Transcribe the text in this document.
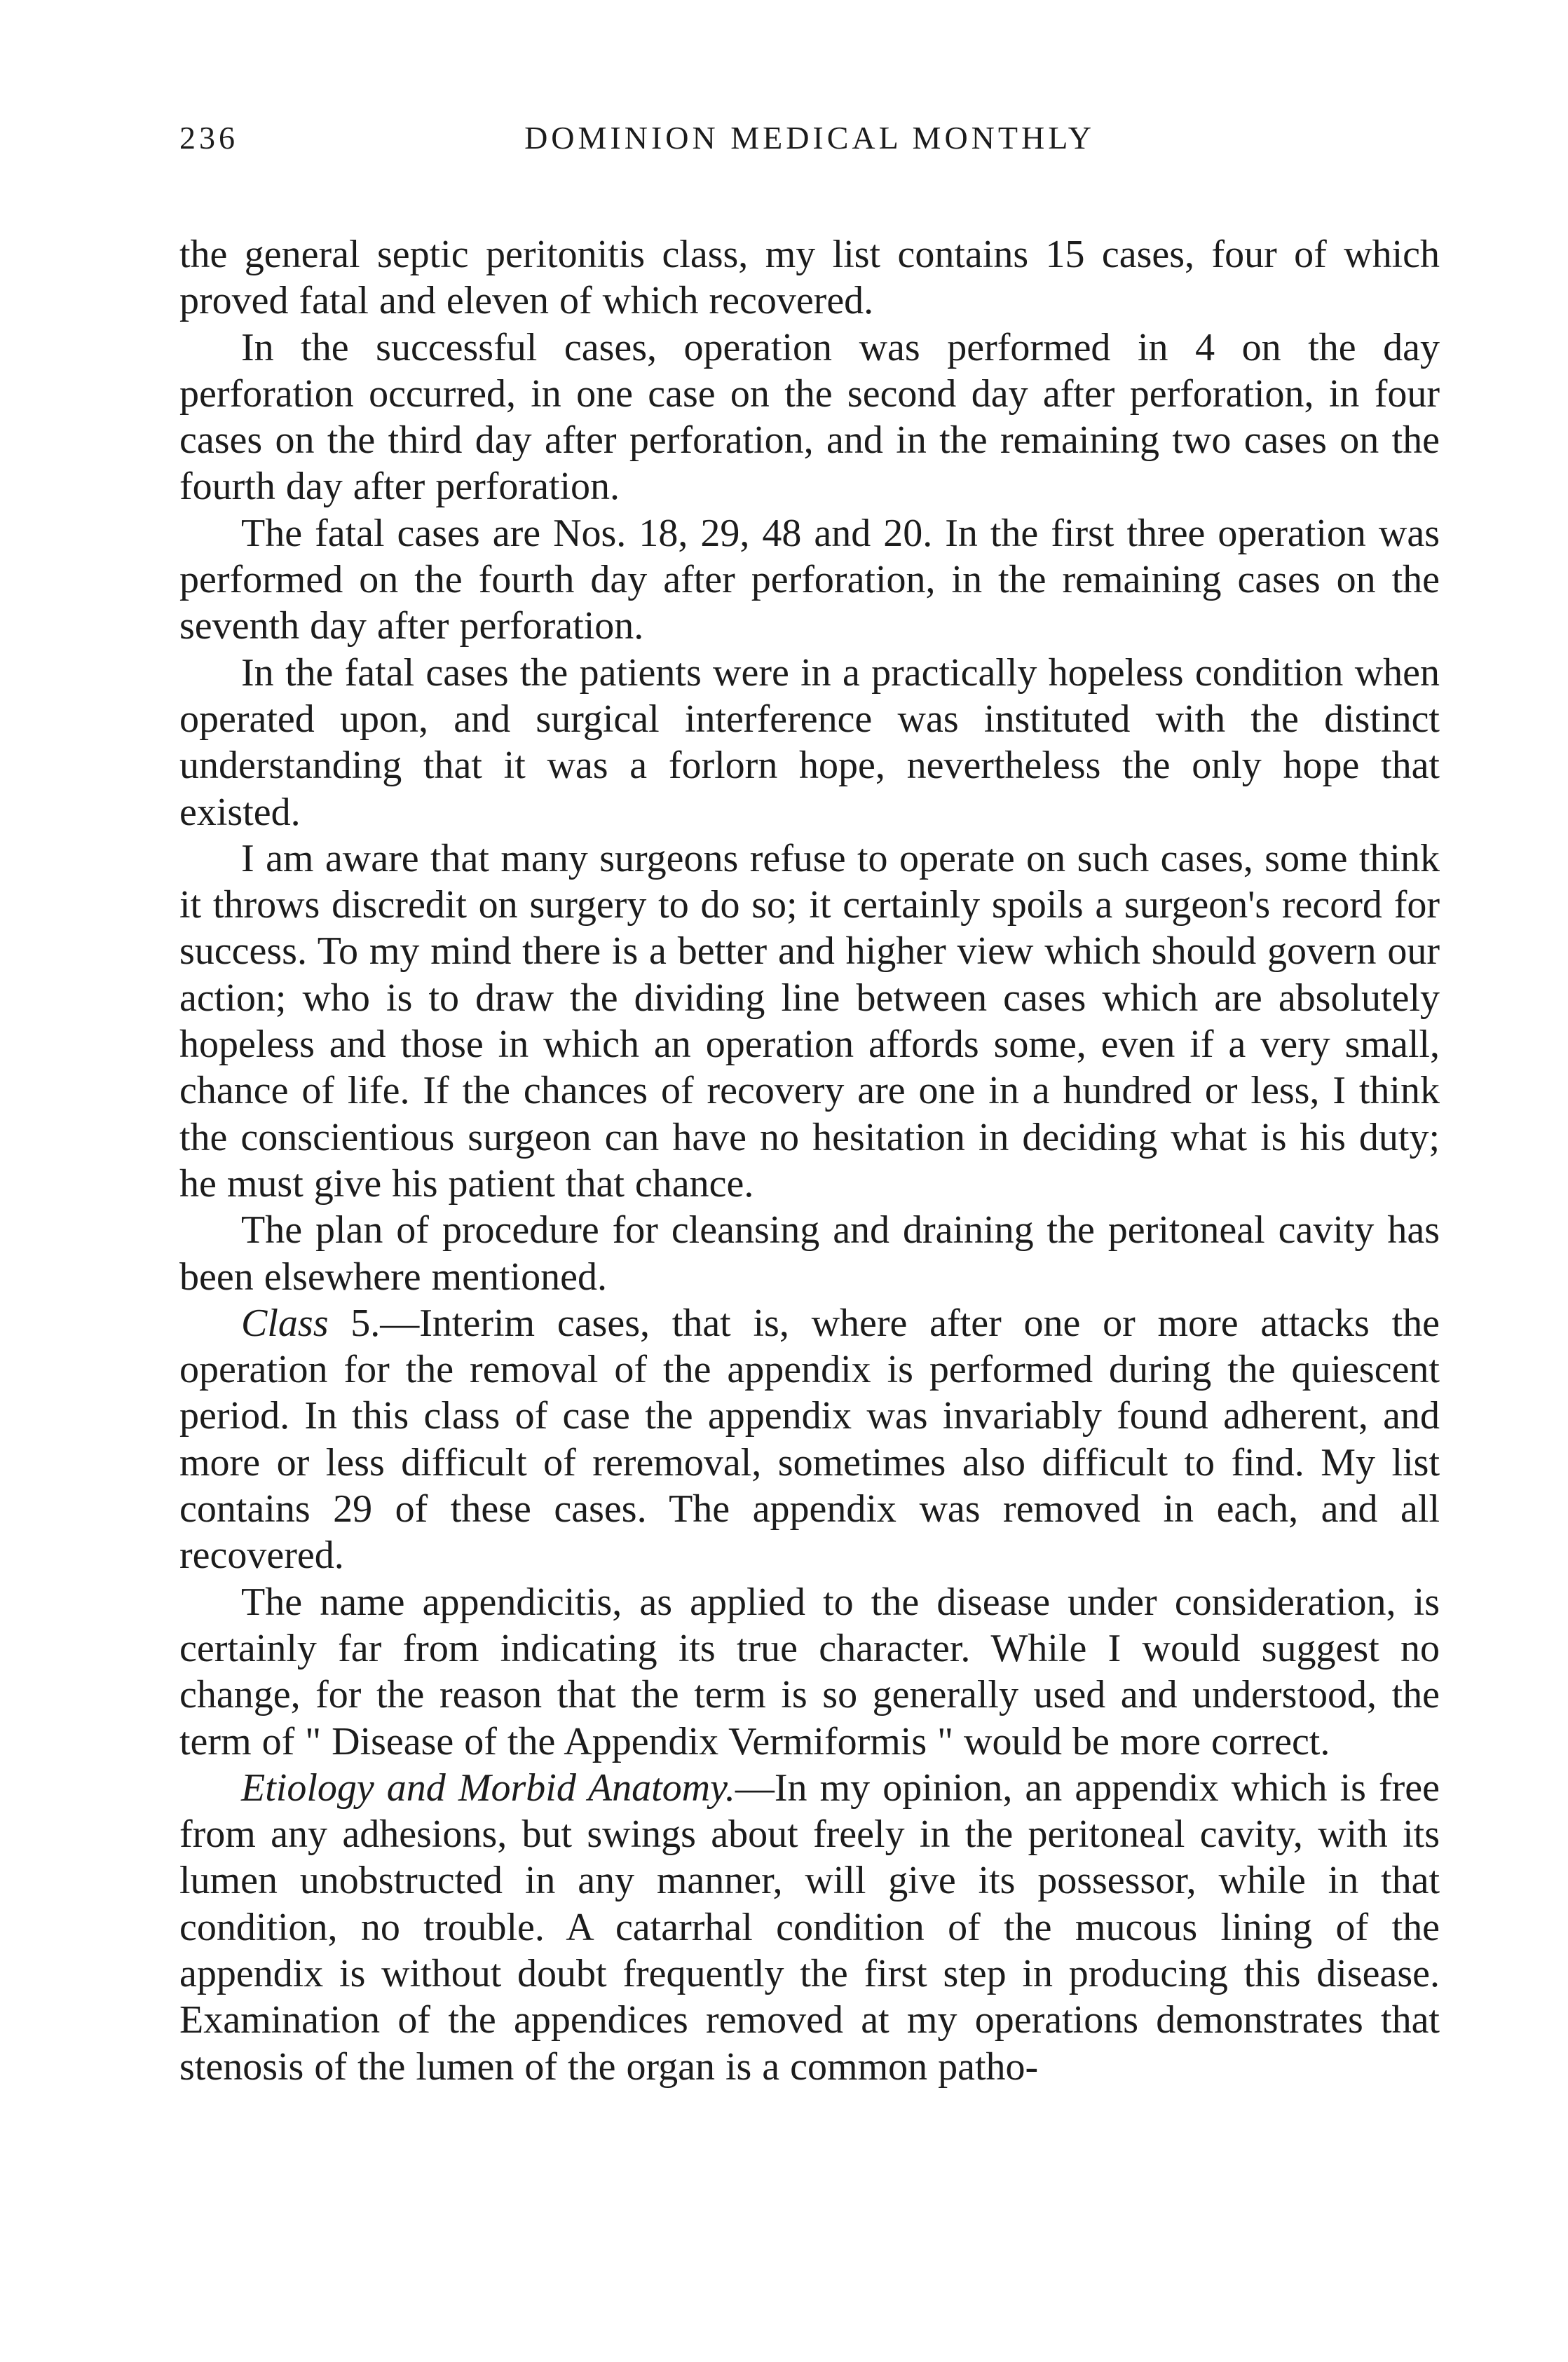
236	DOMINION MEDICAL MONTHLY

the general septic peritonitis class, my list contains 15 cases, four of which proved fatal and eleven of which recovered.

In the successful cases, operation was performed in 4 on the day perforation occurred, in one case on the second day after perforation, in four cases on the third day after perforation, and in the remaining two cases on the fourth day after perforation.

The fatal cases are Nos. 18, 29, 48 and 20. In the first three operation was performed on the fourth day after perforation, in the remaining cases on the seventh day after perforation.

In the fatal cases the patients were in a practically hopeless condition when operated upon, and surgical interference was instituted with the distinct understanding that it was a forlorn hope, nevertheless the only hope that existed.

I am aware that many surgeons refuse to operate on such cases, some think it throws discredit on surgery to do so; it certainly spoils a surgeon's record for success. To my mind there is a better and higher view which should govern our action; who is to draw the dividing line between cases which are absolutely hopeless and those in which an operation affords some, even if a very small, chance of life. If the chances of recovery are one in a hundred or less, I think the conscientious surgeon can have no hesitation in deciding what is his duty; he must give his patient that chance.

The plan of procedure for cleansing and draining the peritoneal cavity has been elsewhere mentioned.

Class 5.—Interim cases, that is, where after one or more attacks the operation for the removal of the appendix is performed during the quiescent period. In this class of case the appendix was invariably found adherent, and more or less difficult of reremoval, sometimes also difficult to find. My list contains 29 of these cases. The appendix was removed in each, and all recovered.

The name appendicitis, as applied to the disease under consideration, is certainly far from indicating its true character. While I would suggest no change, for the reason that the term is so generally used and understood, the term of " Disease of the Appendix Vermiformis " would be more correct.

Etiology and Morbid Anatomy.—In my opinion, an appendix which is free from any adhesions, but swings about freely in the peritoneal cavity, with its lumen unobstructed in any manner, will give its possessor, while in that condition, no trouble. A catarrhal condition of the mucous lining of the appendix is without doubt frequently the first step in producing this disease. Examination of the appendices removed at my operations demonstrates that stenosis of the lumen of the organ is a common patho-
